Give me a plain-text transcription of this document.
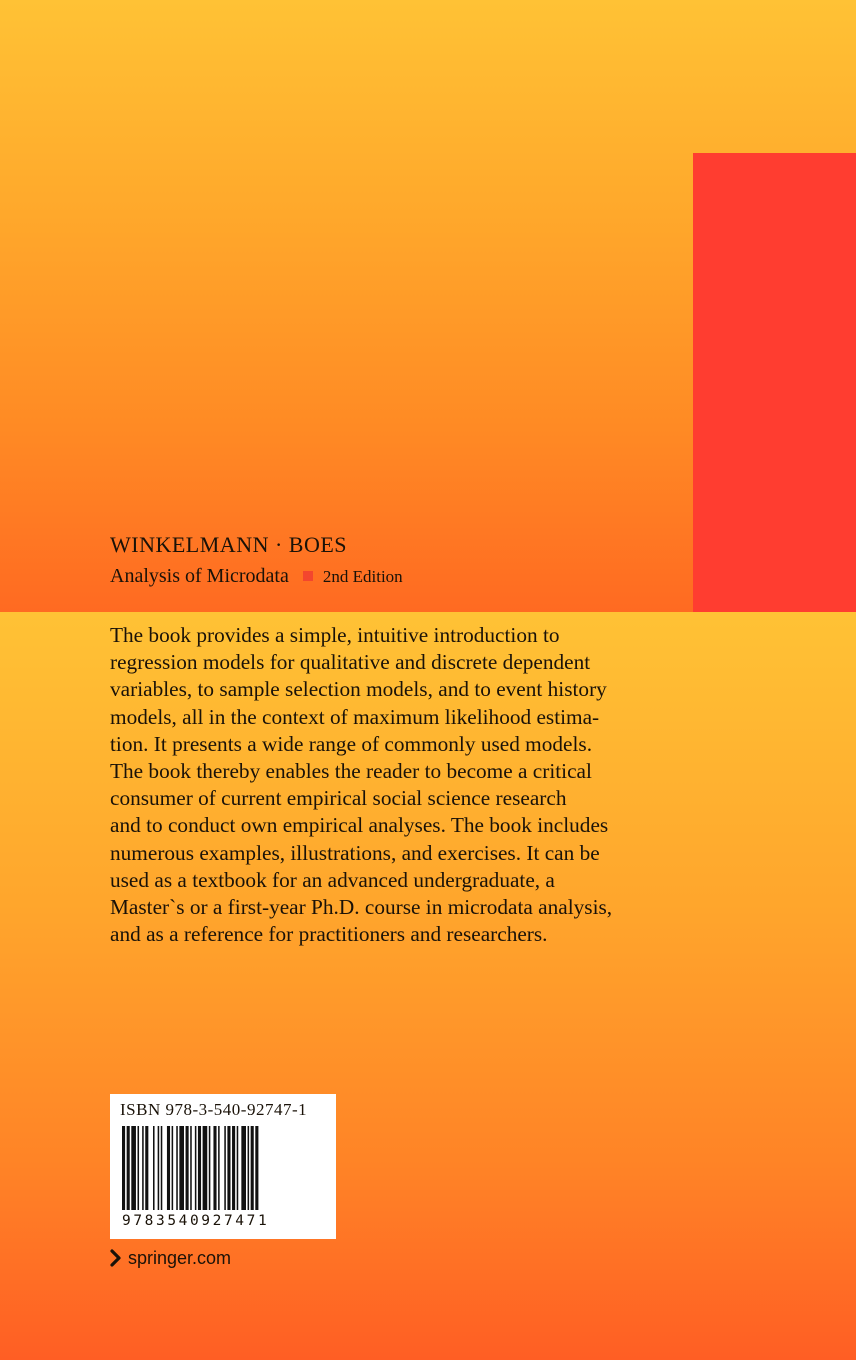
WINKELMANN · BOES
Analysis of Microdata 2nd Edition

The book provides a simple, intuitive introduction to

regression models for qualitative and discrete dependent

variables, to sample selection models, and to event history

models, all in the context of maximum likelihood estima-

tion. It presents a wide range of commonly used models.

The book thereby enables the reader to become a critical

consumer of current empirical social science research

and to conduct own empirical analyses. The book includes

numerous examples, illustrations, and exercises. It can be

used as a textbook for an advanced undergraduate, a

Master`s or a first-year Ph.D. course in microdata analysis,

and as a reference for practitioners and researchers.

ISBN 978-3-540-92747-1
9783540927471
springer.com
